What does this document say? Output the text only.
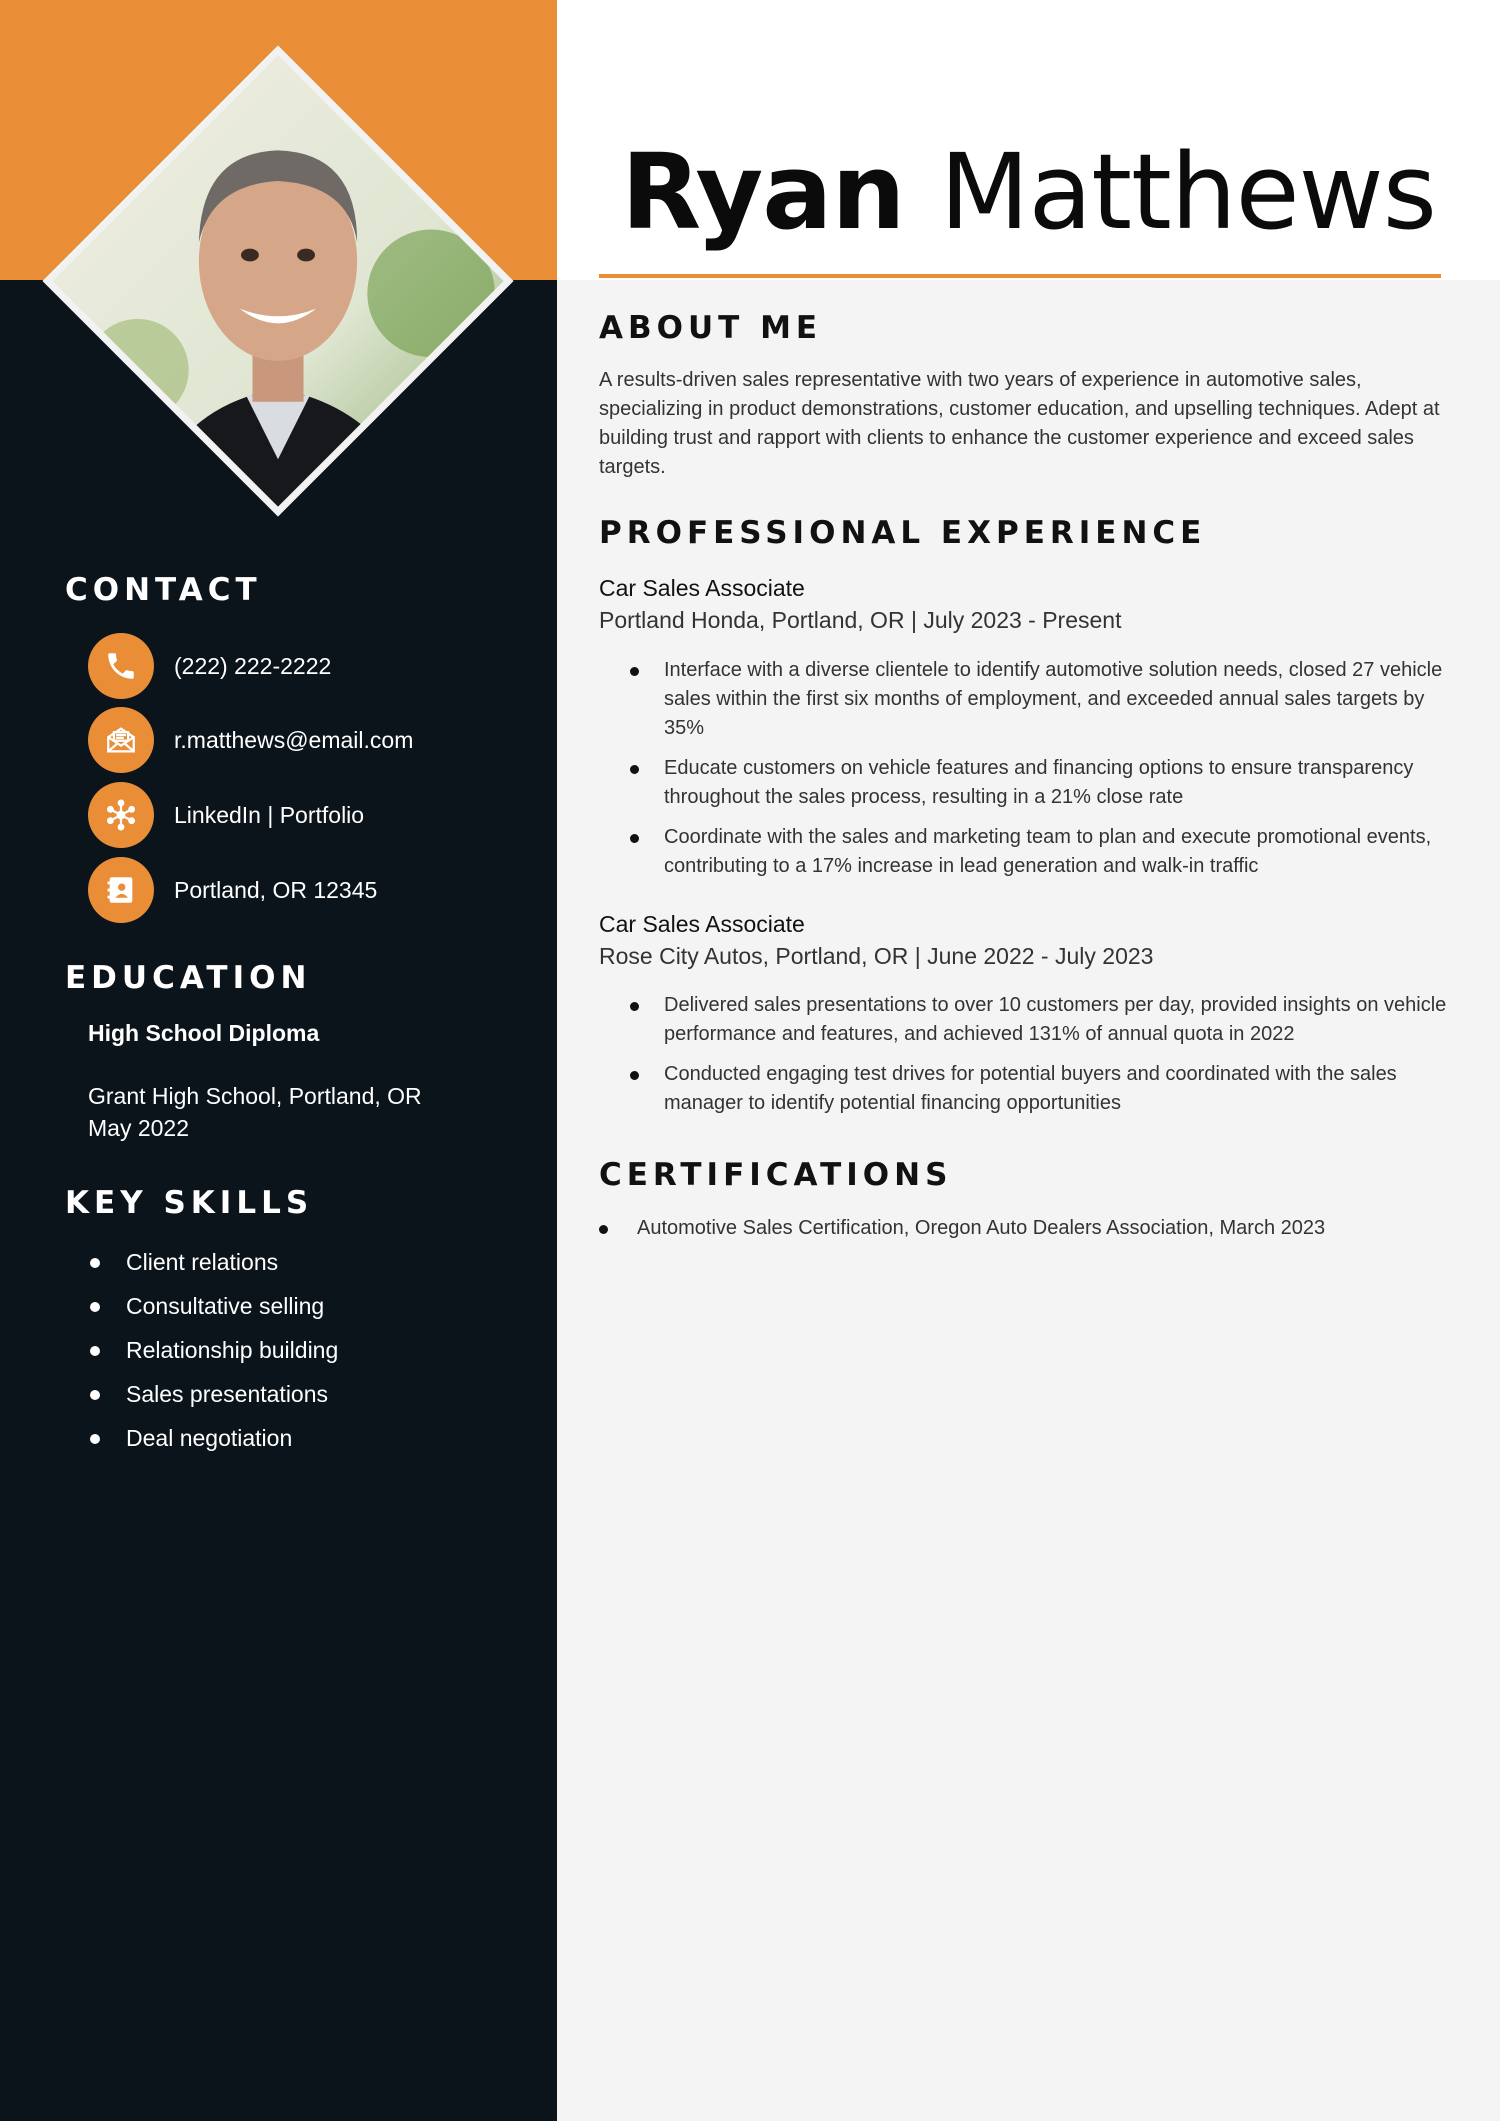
CONTACT
(222) 222-2222
r.matthews@email.com
LinkedIn | Portfolio
Portland, OR 12345
EDUCATION
High School Diploma
Grant High School, Portland, OR
May 2022
KEY SKILLS
Client relations
Consultative selling
Relationship building
Sales presentations
Deal negotiation
Ryan Matthews
ABOUT ME

A results-driven sales representative with two years of experience in automotive sales, specializing in product demonstrations, customer education, and upselling techniques. Adept at building trust and rapport with clients to enhance the customer experience and exceed sales targets.

PROFESSIONAL EXPERIENCE
Car Sales Associate
Portland Honda, Portland, OR | July 2023 - Present
Interface with a diverse clientele to identify automotive solution needs, closed 27 vehicle sales within the first six months of employment, and exceeded annual sales targets by 35%
Educate customers on vehicle features and financing options to ensure transparency throughout the sales process, resulting in a 21% close rate
Coordinate with the sales and marketing team to plan and execute promotional events, contributing to a 17% increase in lead generation and walk-in traffic
Car Sales Associate
Rose City Autos, Portland, OR | June 2022 - July 2023
Delivered sales presentations to over 10 customers per day, provided insights on vehicle performance and features, and achieved 131% of annual quota in 2022
Conducted engaging test drives for potential buyers and coordinated with the sales manager to identify potential financing opportunities
CERTIFICATIONS
Automotive Sales Certification, Oregon Auto Dealers Association, March 2023
